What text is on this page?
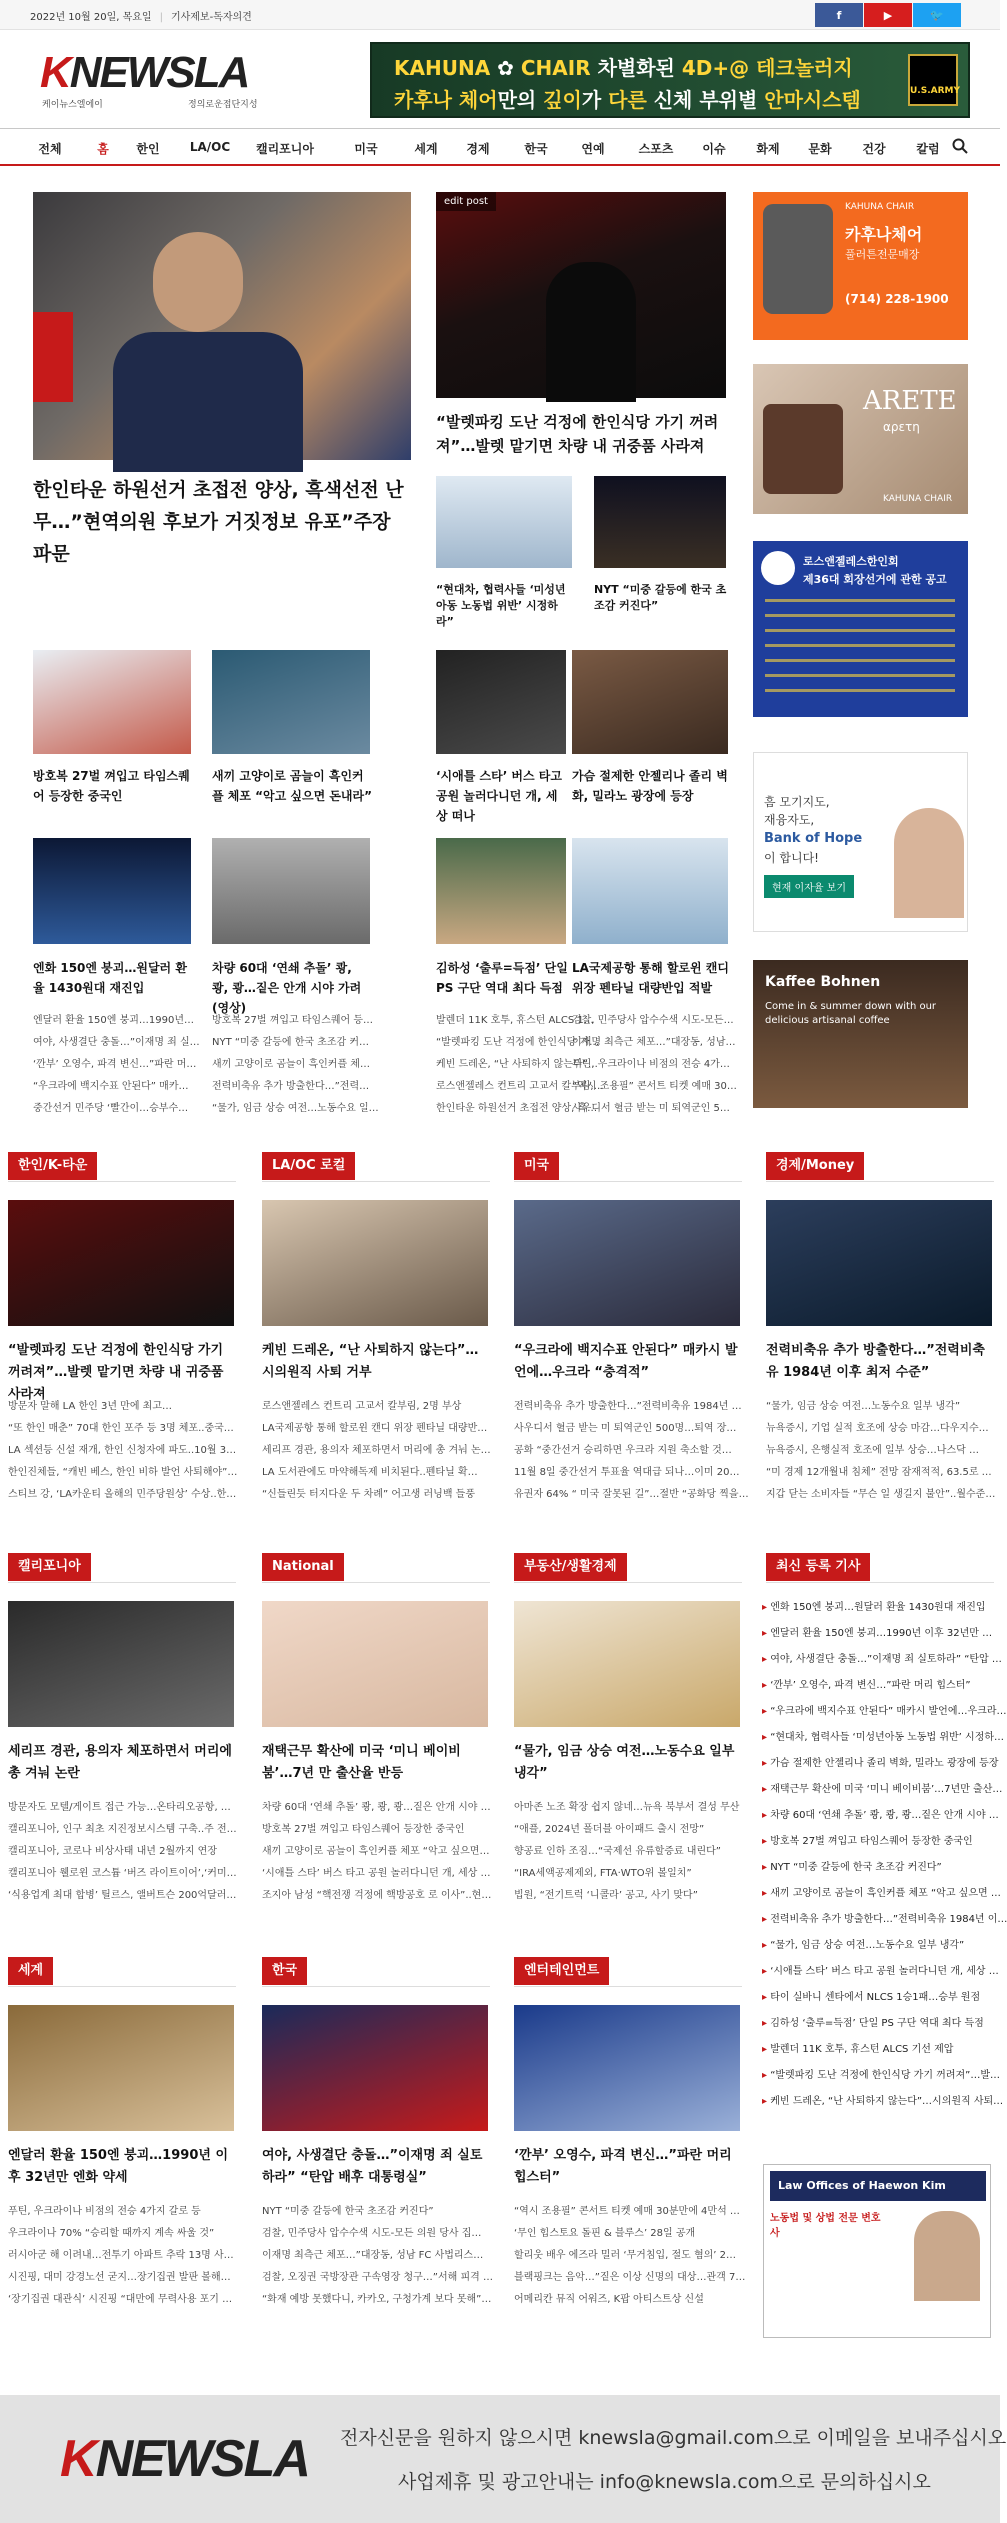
2022년 10월 20일, 목요일 | 기사제보-독자의견	f	▶	🐦
KNEWSLA
케이뉴스엘에이	정의로운접단지성
KAHUNA ✿ CHAIR 차별화된 4D+@ 테크놀러지
카후나 체어만의 깊이가 다른 신체 부위별 안마시스템	U.S.ARMY
전체	홈	한인	LA/OC 캘리포니아	미국	세계	경제	한국	연예	스포츠	이슈	화제	문화	건강	칼럼
한인타운 하원선거 초접전 양상, 흑색선전 난무…”현역의원 후보가 거짓정보 유포”주장 파문
edit post
“발렛파킹 도난 걱정에 한인식당 가기 꺼려져”…발렛 맡기면 차량 내 귀중품 사라져
“현대차, 협력사들 ‘미성년아동 노동법 위반’ 시정하라”
NYT “미중 갈등에 한국 초조감 커진다”
방호복 27벌 껴입고 타임스퀘어 등장한 중국인
새끼 고양이로 곰늘이 흑인커플 체포 “악고 싶으면 돈내라”
‘시애틀 스타’ 버스 타고 공원 놀러다니던 개, 세상 떠나
가슴 절제한 안젤리나 졸리 벽화, 밀라노 광장에 등장
엔화 150엔 붕괴…원달러 환율 1430원대 재진입
엔달러 환율 150엔 붕괴…1990년…
여야, 사생결단 충돌…”이재명 죄 실…
‘깐부’ 오영수, 파격 변신…”파란 머…
“우크라에 백지수표 안된다” 매카…
중간선거 민주당 ‘빨간이…승부수…
차량 60대 ‘연쇄 추돌’ 쾅, 쾅, 쾅…짙은 안개 시야 가려(영상)
방호복 27벌 껴입고 타임스퀘어 등…
NYT “미중 갈등에 한국 초조감 커…
새끼 고양이로 곰늘이 흑인커플 체…
전력비축유 추가 방출한다…”전력…
“물가, 임금 상승 여전…노동수요 일…
김하성 ‘출루=득점’ 단일 PS 구단 역대 최다 득점
발렌더 11K 호투, 휴스턴 ALCS 1…
“발렛파킹 도난 걱정에 한인식당 가…
케빈 드레온, “난 사퇴하지 않는다”…
로스앤젤레스 컨트리 고교서 칼부림,…
한인타운 하원선거 초접전 양상, 흑…
LA국제공항 통해 할로윈 캔디 위장 펜타닐 대량반입 적발
검찰, 민주당사 압수수색 시도-모든…
이재명 최측근 체포…”대장동, 성남…
푸틴, 우크라이나 비점의 전승 4가…
“역시 조용필” 콘서트 티켓 예매 30…
사우디서 혈금 받는 미 퇴역군인 5…
KAHUNA CHAIR
카후나체어
풀러튼전문매장
(714) 228-1900
ARETE
αρετη
KAHUNA CHAIR
로스앤젤레스한인회
제36대 회장선거에 관한 공고
흠 모기지도,
재융자도,
Bank of Hope
이 합니다!
현재 이자율 보기
Kaffee Bohnen
Come in & summer down with our delicious artisanal coffee
한인/K-타운	LA/OC 로컬	미국	경제/Money
“발렛파킹 도난 걱정에 한인식당 가기 꺼려져”…발렛 맡기면 차량 내 귀중품 사라져
방문자 말해 LA 한인 3년 만에 최고…
“또 한인 매춘” 70대 한인 포주 등 3명 체포..중국…
LA 섹션등 신설 재개, 한인 신청자에 파도..10월 3…
한인진체들, “캐빈 베스, 한인 비하 발언 사퇴해야”…
스티브 강, ‘LA카운티 올해의 민주당원상’ 수상..한…
케빈 드레온, “난 사퇴하지 않는다”…시의원직 사퇴 거부
로스앤젤레스 컨트리 고교서 칼부림, 2명 부상
LA국제공항 통해 할로윈 캔디 위장 펜타닐 대량반…
세리프 경관, 용의자 체포하면서 머리에 총 겨눠 논…
LA 도서관에도 마약해독제 비치된다..펜타닐 확…
“신들린듯 터지다운 두 차례” 어고생 러닝백 들풍
“우크라에 백지수표 안된다” 매카시 발언에…우크라 “충격적”
전력비축유 추가 방출한다…”전력비축유 1984년 …
사우디서 혈금 받는 미 퇴역군인 500명…퇴역 장…
공화 “중간선거 승리하면 우크라 지원 축소할 것…
11월 8일 중간선거 투표율 역대급 되나…이미 20…
유권자 64% “ 미국 잘못된 길”…절반 “공화당 찍을…
전력비축유 추가 방출한다…”전력비축유 1984년 이후 최저 수준”
“물가, 임금 상승 여전…노동수요 일부 냉각”
뉴욕증시, 기업 실적 호조에 상승 마감…다우지수…
뉴욕증시, 은행실적 호조에 일부 상승…나스닥 …
“미 경제 12개월내 침체” 전망 잠재적적, 63.5로 …
지갑 닫는 소비자들 “무슨 일 생길지 불안”..월수준…
캘리포니아	National	부동산/생활경제	최신 등록 기사
세리프 경관, 용의자 체포하면서 머리에 총 겨눠 논란
방문자도 모텔/게이트 접근 가능…온타리오공항, …
캘리포니아, 인구 최초 지진정보시스템 구축..주 전…
캘리포니아, 코로나 비상사태 내년 2월까지 연장
캘리포니아 웰로윈 코스튬 ‘버즈 라이트이어’,‘커미…
‘식용업계 최대 합병’ 틸르스, 앨버트슨 200억달러…
재택근무 확산에 미국 ‘미니 베이비붐’…7년 만 출산율 반등
차량 60대 ‘연쇄 추돌’ 쾅, 쾅, 쾅…짙은 안개 시야 …
방호복 27벌 껴입고 타임스퀘어 등장한 중국인
새끼 고양이로 곰늘이 흑인커플 체포 “악고 싶으면…
‘시애틀 스타’ 버스 타고 공원 놀러다니던 개, 세상 …
조지아 남성 “핵전쟁 걱정에 핵방공호 로 이사”..현…
“물가, 임금 상승 여전…노동수요 일부 냉각”
아마존 노조 확장 쉽지 않네…뉴욕 북부서 결성 무산
“애플, 2024년 폴더블 아이패드 출시 전망”
향공료 인하 조짐…“국제선 유류할증료 내린다”
“IRA세액공제제외, FTA·WTO위 볼일치”
빕원, “전기트럭 ‘니콜라’ 공고, 사기 맞다”
세계	한국	엔터테인먼트
엔달러 환율 150엔 붕괴…1990년 이후 32년만 엔화 약세
푸틴, 우크라이나 비점의 전승 4가지 갈로 등
우크라이나 70% “승리할 때까지 계속 싸울 것”
러시아군 해 이려내…전투기 아파트 추락 13명 사…
시진핑, 대미 강경노선 굳지…장기집권 발판 볼해…
‘장기집권 대관식’ 시진핑 “대만에 무력사용 포기 …
여야, 사생결단 충돌…”이재명 죄 실토하라” “탄압 배후 대통령실”
NYT “미중 갈등에 한국 초조감 커진다”
검찰, 민주당사 압수수색 시도-모든 의원 당사 집…
이재명 최측근 체포…”대장동, 성남 FC 사법리스…
검찰, 오징권 국방장관 구속영장 청구…”서해 피격 …
“화재 예방 못했다니, 카카오, 구청가계 보다 못해”…
‘깐부’ 오영수, 파격 변신…”파란 머리 힙스터”
“역시 조용필” 콘서트 티켓 예매 30분만에 4만석 …
‘무인 힙스토요 돌핀 & 블루스’ 28일 공개
할리웃 배우 에즈라 밀러 ‘무거침입, 절도 혐의’ 2…
블랙핑크는 음악…”짙은 이상 신명의 대상…관객 7…
어메리칸 뮤직 어워즈, K팝 아티스트상 신설
▸ 엔화 150엔 붕괴…원달러 환율 1430원대 재진입
▸ 엔달러 환율 150엔 붕괴…1990년 이후 32년만 …
▸ 여야, 사생결단 충돌…”이재명 죄 실토하라” “탄압 …
▸ ‘깐부’ 오영수, 파격 변신…”파란 머리 힙스터”
▸ “우크라에 백지수표 안된다” 매카시 발언에…우크라…
▸ “현대차, 협력사들 ‘미성년아동 노동법 위반’ 시정하…
▸ 가슴 절제한 안젤리나 졸리 벽화, 밀라노 광장에 등장
▸ 재택근무 확산에 미국 ‘미니 베이비붐’…7년만 출산…
▸ 차량 60대 ‘연쇄 추돌’ 쾅, 쾅, 쾅…짙은 안개 시야 …
▸ 방호복 27벌 껴입고 타임스퀘어 등장한 중국인
▸ NYT “미중 갈등에 한국 초조감 커진다”
▸ 새끼 고양이로 곰늘이 흑인커플 체포 “악고 싶으면 …
▸ 전력비축유 추가 방출한다…”전력비축유 1984년 이…
▸ “물가, 임금 상승 여전…노동수요 일부 냉각”
▸ ‘시애틀 스타’ 버스 타고 공원 놀러다니던 개, 세상 …
▸ 타이 실바니 센타에서 NLCS 1승1패…승부 원점
▸ 김하성 ‘출루=득점’ 단일 PS 구단 역대 최다 득점
▸ 발렌더 11K 호투, 휴스턴 ALCS 기선 제압
▸ “발렛파킹 도난 걱정에 한인식당 가기 꺼려져”…발…
▸ 케빈 드레온, “난 사퇴하지 않는다”…시의원직 사퇴…
Law Offices of Haewon Kim
노동법 및 상법 전문 변호사
KNEWSLA 전자신문을 원하지 않으시면 knewsla@gmail.com으로 이메일을 보내주십시오
사업제휴 및 광고안내는 info@knewsla.com으로 문의하십시오
